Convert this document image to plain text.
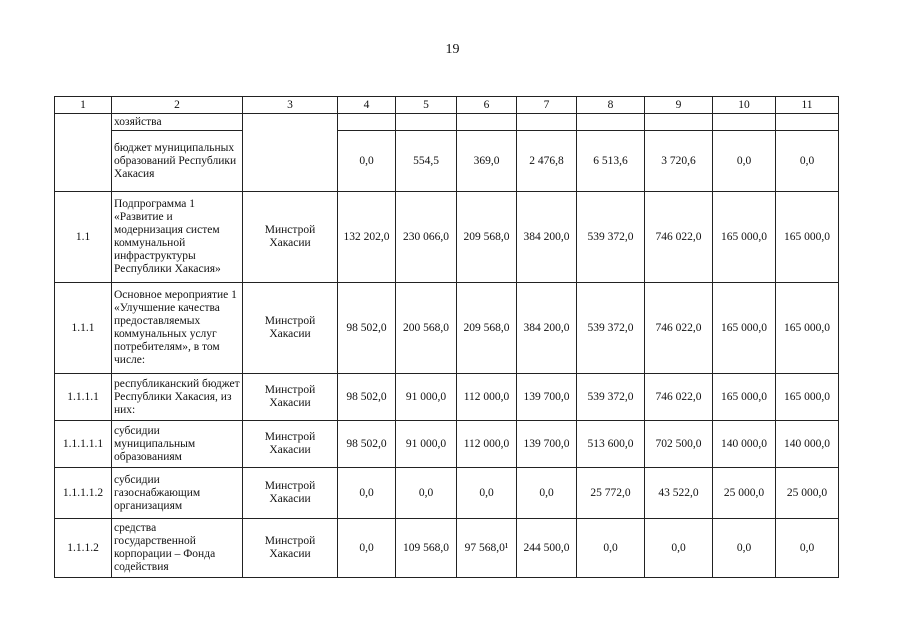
19
1	2	3	4	5	6	7	8	9	10	11
	хозяйства									
	бюджет муниципальных образований Республики Хакасия		0,0	554,5	369,0	2 476,8	6 513,6	3 720,6	0,0	0,0
1.1	Подпрограмма 1 «Развитие и модернизация систем коммунальной инфраструктуры Республики Хакасия»	Минстрой Хакасии	132 202,0	230 066,0	209 568,0	384 200,0	539 372,0	746 022,0	165 000,0	165 000,0
1.1.1	Основное мероприятие 1 «Улучшение качества предоставляемых коммунальных услуг потребителям», в том числе:	Минстрой Хакасии	98 502,0	200 568,0	209 568,0	384 200,0	539 372,0	746 022,0	165 000,0	165 000,0
1.1.1.1	республиканский бюджет Республики Хакасия, из них:	Минстрой Хакасии	98 502,0	91 000,0	112 000,0	139 700,0	539 372,0	746 022,0	165 000,0	165 000,0
1.1.1.1.1	субсидии муниципальным образованиям	Минстрой Хакасии	98 502,0	91 000,0	112 000,0	139 700,0	513 600,0	702 500,0	140 000,0	140 000,0
1.1.1.1.2	субсидии газоснабжающим организациям	Минстрой Хакасии	0,0	0,0	0,0	0,0	25 772,0	43 522,0	25 000,0	25 000,0
1.1.1.2	средства государственной корпорации – Фонда содействия	Минстрой Хакасии	0,0	109 568,0	97 568,0¹	244 500,0	0,0	0,0	0,0	0,0
